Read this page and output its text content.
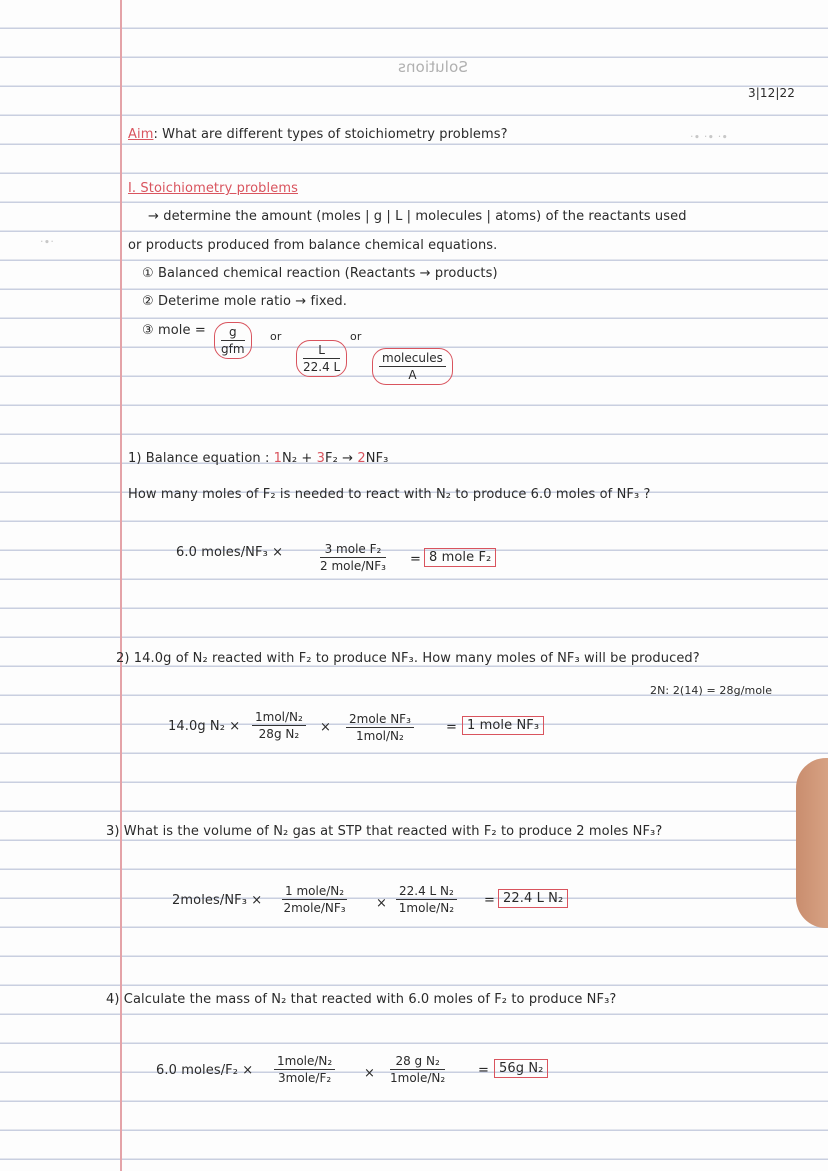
·∙ ·∙ ·∙
·∙·
Solutions
3|12|22
Aim: What are different types of stoichiometry problems?
I. Stoichiometry problems
→ determine the amount (moles | g | L | molecules | atoms) of the reactants used
or products produced from balance chemical equations.
① Balanced chemical reaction (Reactants → products)
② Deterime mole ratio → fixed.
③ mole =	g
gfm
or
$\frac{L}{22.4 L}$
or
molecules
A
1) Balance equation : 1N₂ + 3F₂ → 2NF₃
How many moles of F₂ is needed to react with N₂ to produce 6.0 moles of NF₃ ?
6.0 moles/NF₃ ×	3 mole F₂
2 mole/NF₃ = 8 mole F₂
2) 14.0g of N₂ reacted with F₂ to produce NF₃. How many moles of NF₃ will be produced?
2N: 2(14) = 28g/mole
14.0g N₂ ×
1mol/N₂
28g N₂	×
2mole NF₃
1mol/N₂
= 1 mole NF₃
3) What is the volume of N₂ gas at STP that reacted with F₂ to produce 2 moles NF₃?
2moles/NF₃ ×
1 mole/N₂
2mole/NF₃ ×
22.4 L N₂
1mole/N₂ = 22.4 L N₂
4) Calculate the mass of N₂ that reacted with 6.0 moles of F₂ to produce NF₃?
6.0 moles/F₂ ×
1mole/N₂
3mole/F₂	×
28 g N₂
1mole/N₂	= 56g N₂
